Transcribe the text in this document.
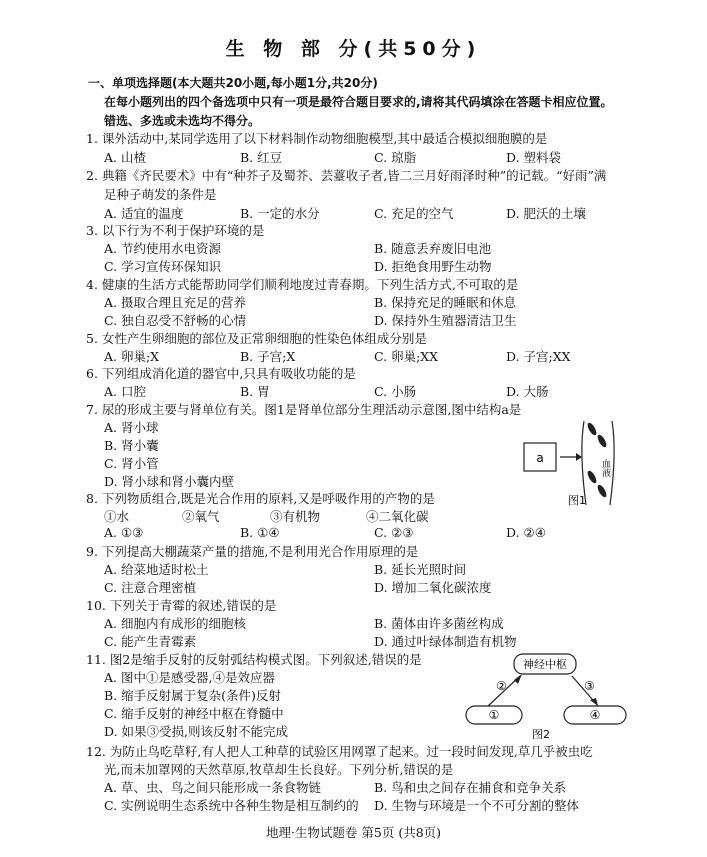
生 物 部 分(共50分)
一、单项选择题(本大题共20小题,每小题1分,共20分)
在每小题列出的四个备选项中只有一项是最符合题目要求的,请将其代码填涂在答题卡相应位置。错选、多选或未选均不得分。
1. 课外活动中,某同学选用了以下材料制作动物细胞模型,其中最适合模拟细胞膜的是
A. 山楂	B. 红豆	C. 琼脂	D. 塑料袋
2. 典籍《齐民要术》中有“种芥子及蜀芥、芸薹收子者,皆二三月好雨泽时种”的记载。“好雨”满
足种子萌发的条件是
A. 适宜的温度	B. 一定的水分	C. 充足的空气	D. 肥沃的土壤
3. 以下行为不利于保护环境的是
A. 节约使用水电资源	B. 随意丢弃废旧电池
C. 学习宣传环保知识	D. 拒绝食用野生动物
4. 健康的生活方式能帮助同学们顺利地度过青春期。下列生活方式,不可取的是
A. 摄取合理且充足的营养	B. 保持充足的睡眠和休息
C. 独自忍受不舒畅的心情	D. 保持外生殖器清洁卫生
5. 女性产生卵细胞的部位及正常卵细胞的性染色体组成分别是
A. 卵巢;X	B. 子宫;X	C. 卵巢;XX	D. 子宫;XX
6. 下列组成消化道的器官中,只具有吸收功能的是
A. 口腔	B. 胃	C. 小肠	D. 大肠
7. 尿的形成主要与肾单位有关。图1是肾单位部分生理活动示意图,图中结构a是
A. 肾小球
B. 肾小囊
C. 肾小管
D. 肾小球和肾小囊内壁
a
血液
图1
8. 下列物质组合,既是光合作用的原料,又是呼吸作用的产物的是
①水	②氧气	③有机物	④二氧化碳
A. ①③	B. ①④	C. ②③	D. ②④
9. 下列提高大棚蔬菜产量的措施,不是利用光合作用原理的是
A. 给菜地适时松土	B. 延长光照时间
C. 注意合理密植	D. 增加二氧化碳浓度
10. 下列关于青霉的叙述,错误的是
A. 细胞内有成形的细胞核	B. 菌体由许多菌丝构成
C. 能产生青霉素	D. 通过叶绿体制造有机物
11. 图2是缩手反射的反射弧结构模式图。下列叙述,错误的是
A. 图中①是感受器,④是效应器
B. 缩手反射属于复杂(条件)反射
C. 缩手反射的神经中枢在脊髓中
D. 如果③受损,则该反射不能完成
神经中枢
②	③
①	④
图2
12. 为防止鸟吃草籽,有人把人工种草的试验区用网罩了起来。过一段时间发现,草几乎被虫吃
光,而未加罩网的天然草原,牧草却生长良好。下列分析,错误的是
A. 草、虫、鸟之间只能形成一条食物链	B. 鸟和虫之间存在捕食和竞争关系
C. 实例说明生态系统中各种生物是相互制约的 D. 生物与环境是一个不可分割的整体
地理·生物试题卷 第5页 (共8页)
